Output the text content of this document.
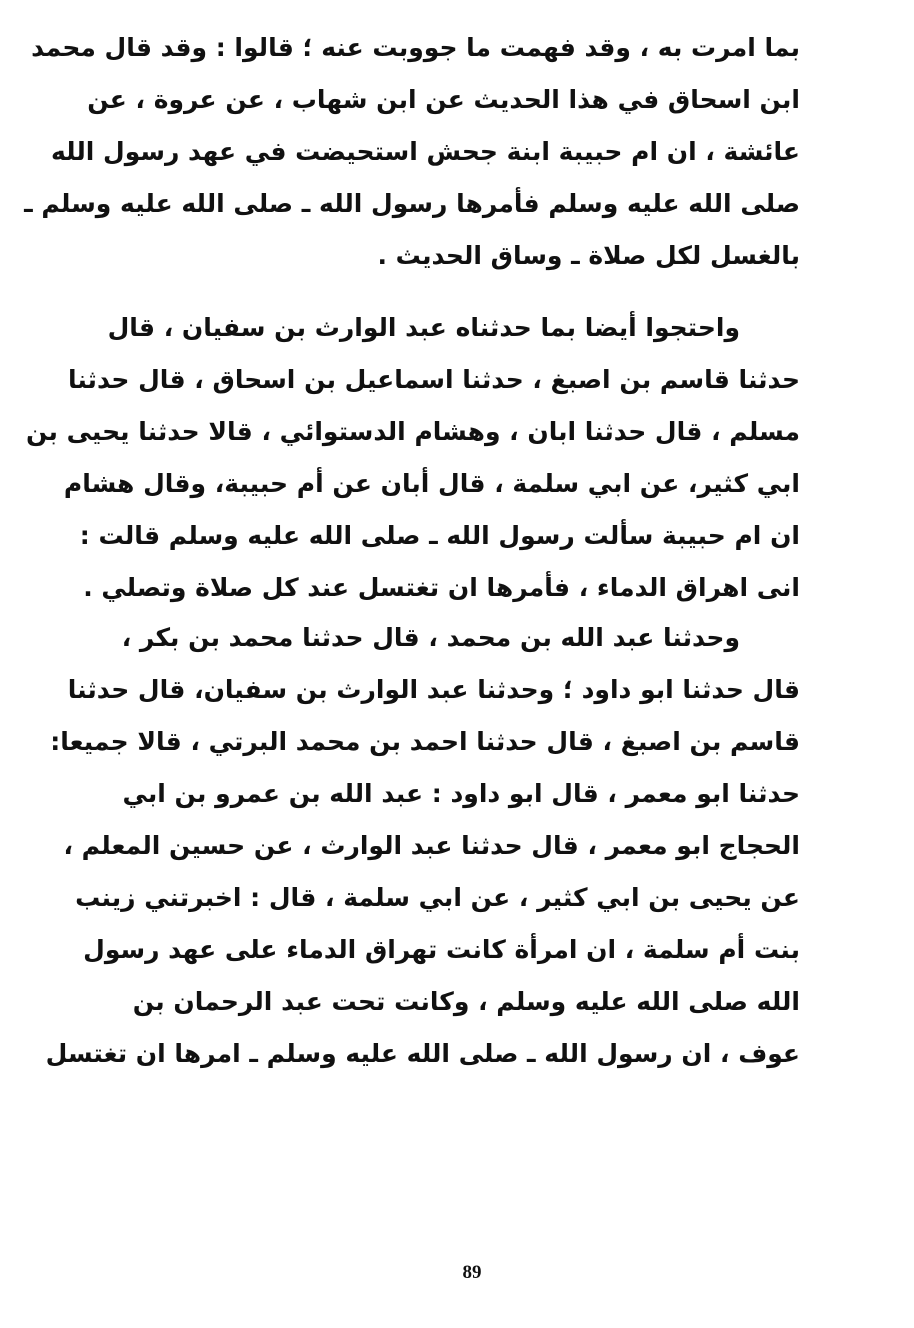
بما امرت به ، وقد فهمت ما جووبت عنه ؛ قالوا : وقد قال محمد
ابن اسحاق في هذا الحديث عن ابن شهاب ، عن عروة ، عن
عائشة ، ان ام حبيبة ابنة جحش استحيضت في عهد رسول الله
صلى الله عليه وسلم فأمرها رسول الله ـ صلى الله عليه وسلم ـ
بالغسل لكل صلاة ـ وساق الحديث .
واحتجوا أيضا بما حدثناه عبد الوارث بن سفيان ، قال
حدثنا قاسم بن اصبغ ، حدثنا اسماعيل بن اسحاق ، قال حدثنا
مسلم ، قال حدثنا ابان ، وهشام الدستوائي ، قالا حدثنا يحيى بن
ابي كثير، عن ابي سلمة ، قال أبان عن أم حبيبة، وقال هشام
ان ام حبيبة سألت رسول الله ـ صلى الله عليه وسلم قالت :
انى اهراق الدماء ، فأمرها ان تغتسل عند كل صلاة وتصلي .
وحدثنا عبد الله بن محمد ، قال حدثنا محمد بن بكر ،
قال حدثنا ابو داود ؛ وحدثنا عبد الوارث بن سفيان، قال حدثنا
قاسم بن اصبغ ، قال حدثنا احمد بن محمد البرتي ، قالا جميعا:
حدثنا ابو معمر ، قال ابو داود : عبد الله بن عمرو بن ابي
الحجاج ابو معمر ، قال حدثنا عبد الوارث ، عن حسين المعلم ،
عن يحيى بن ابي كثير ، عن ابي سلمة ، قال : اخبرتني زينب
بنت أم سلمة ، ان امرأة كانت تهراق الدماء على عهد رسول
الله صلى الله عليه وسلم ، وكانت تحت عبد الرحمان بن
عوف ، ان رسول الله ـ صلى الله عليه وسلم ـ امرها ان تغتسل
89
